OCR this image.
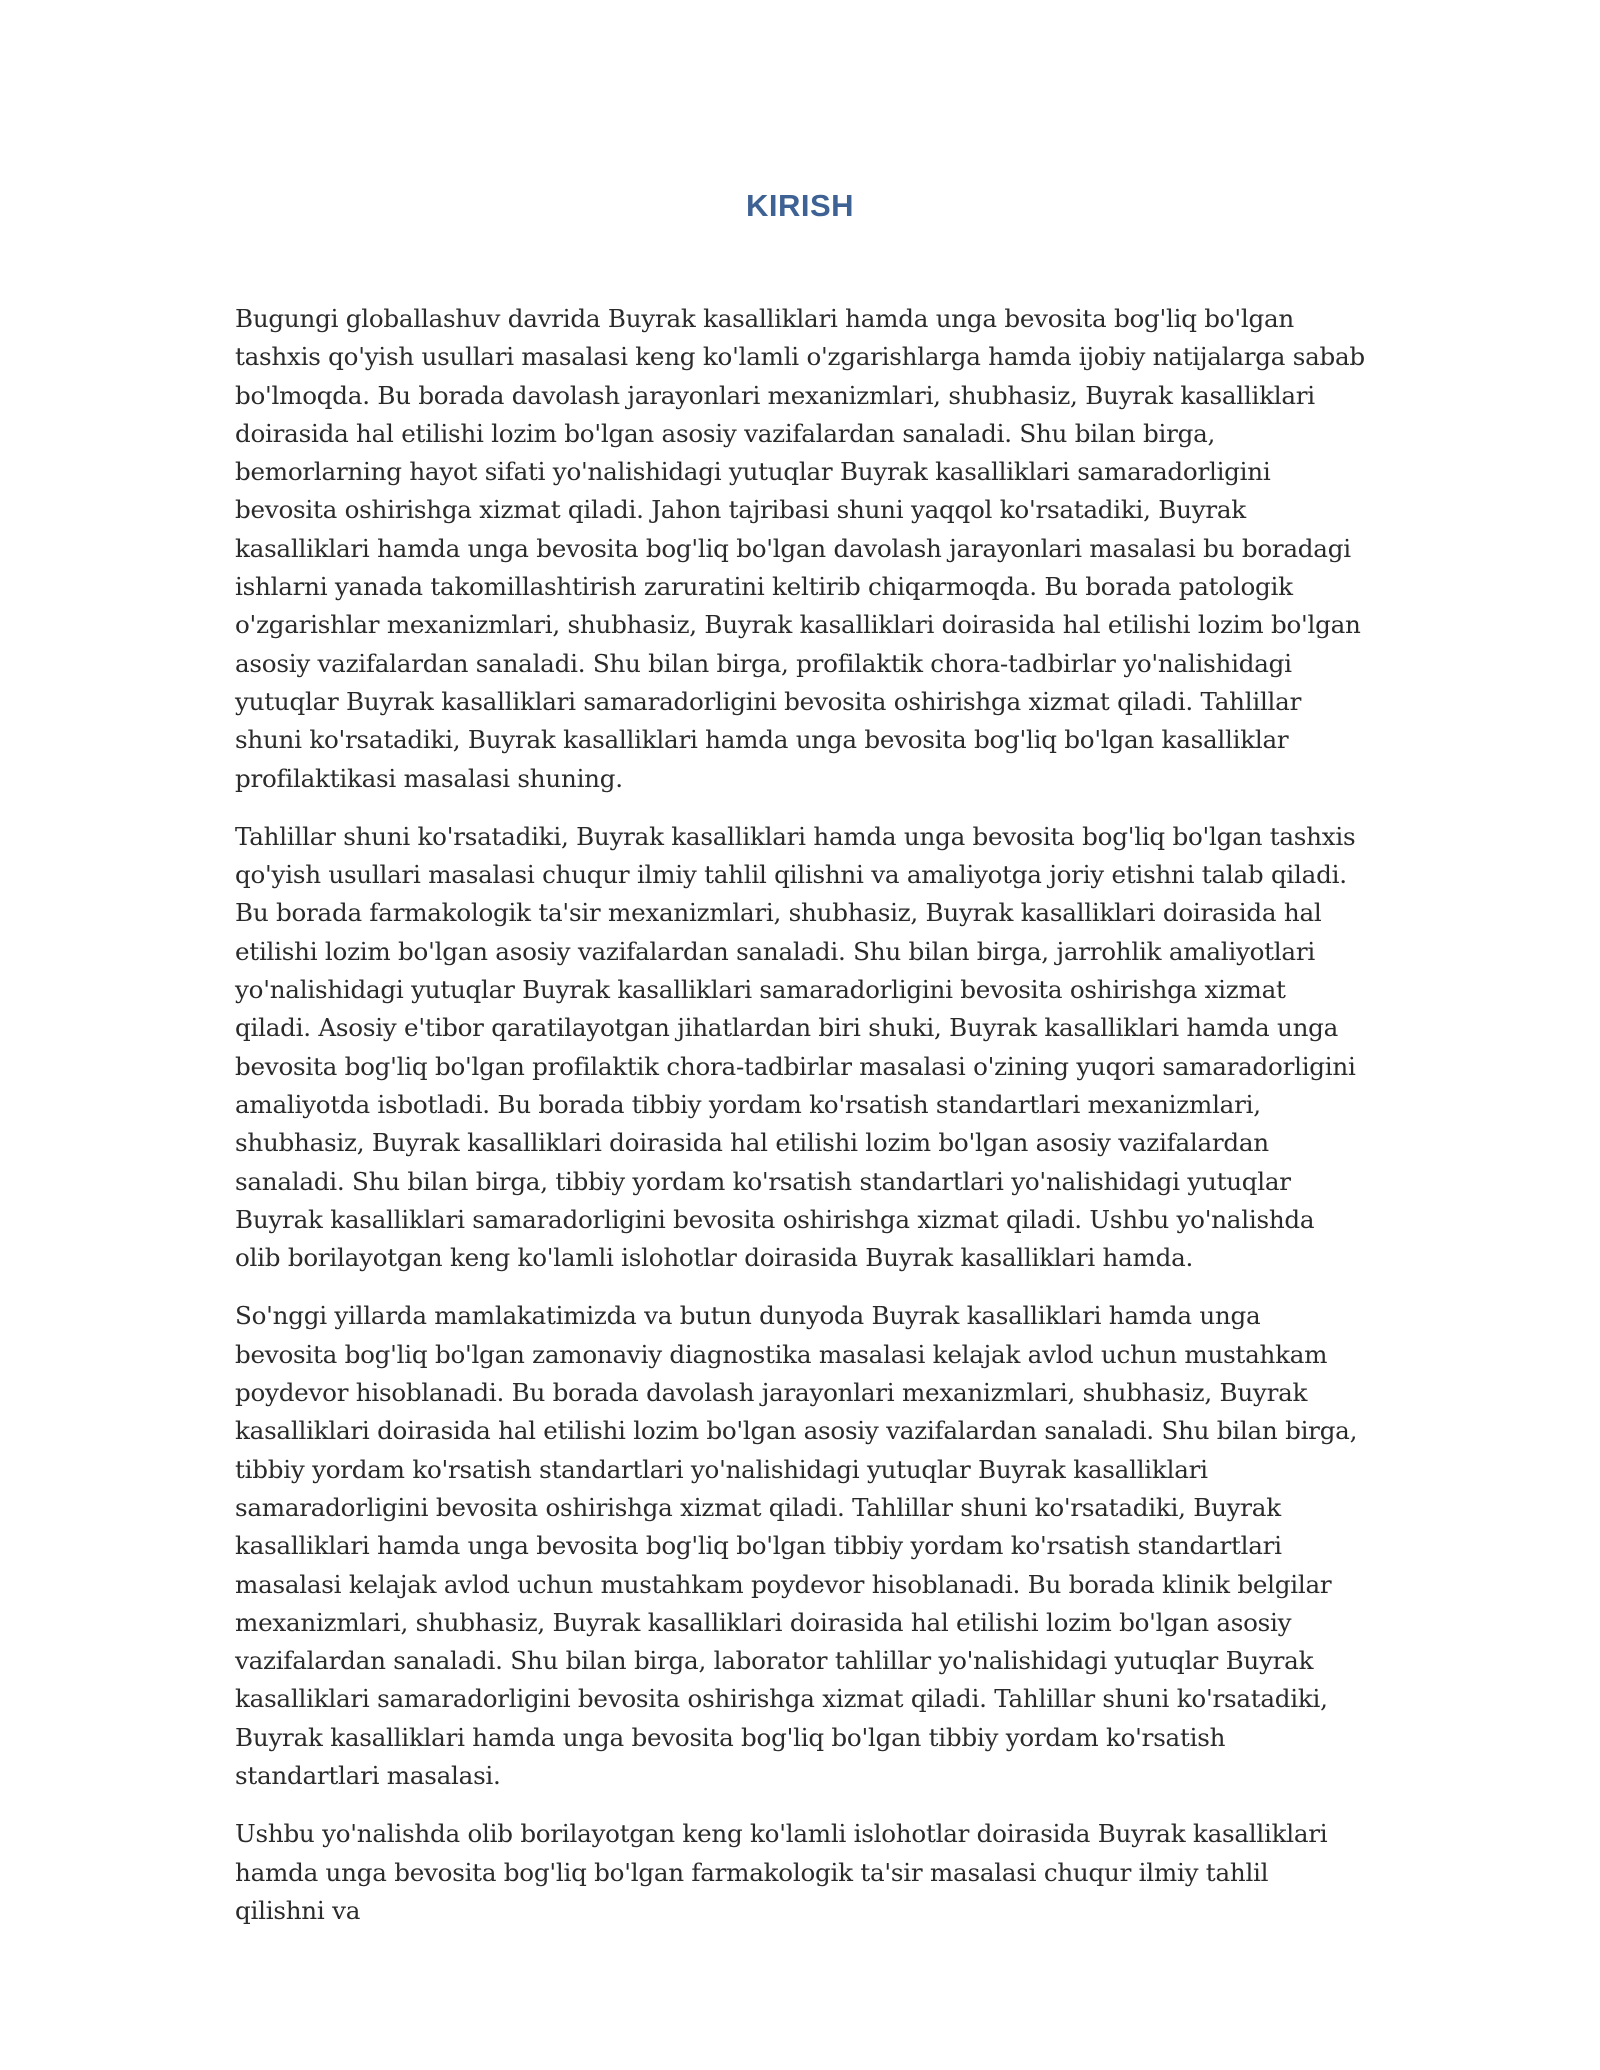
KIRISH

Bugungi globallashuv davrida Buyrak kasalliklari hamda unga bevosita bog'liq bo'lgan tashxis qo'yish usullari masalasi keng ko'lamli o'zgarishlarga hamda ijobiy natijalarga sabab bo'lmoqda. Bu borada davolash jarayonlari mexanizmlari, shubhasiz, Buyrak kasalliklari doirasida hal etilishi lozim bo'lgan asosiy vazifalardan sanaladi. Shu bilan birga, bemorlarning hayot sifati yo'nalishidagi yutuqlar Buyrak kasalliklari samaradorligini bevosita oshirishga xizmat qiladi. Jahon tajribasi shuni yaqqol ko'rsatadiki, Buyrak kasalliklari hamda unga bevosita bog'liq bo'lgan davolash jarayonlari masalasi bu boradagi ishlarni yanada takomillashtirish zaruratini keltirib chiqarmoqda. Bu borada patologik o'zgarishlar mexanizmlari, shubhasiz, Buyrak kasalliklari doirasida hal etilishi lozim bo'lgan asosiy vazifalardan sanaladi. Shu bilan birga, profilaktik chora-tadbirlar yo'nalishidagi yutuqlar Buyrak kasalliklari samaradorligini bevosita oshirishga xizmat qiladi. Tahlillar shuni ko'rsatadiki, Buyrak kasalliklari hamda unga bevosita bog'liq bo'lgan kasalliklar profilaktikasi masalasi shuning.

Tahlillar shuni ko'rsatadiki, Buyrak kasalliklari hamda unga bevosita bog'liq bo'lgan tashxis qo'yish usullari masalasi chuqur ilmiy tahlil qilishni va amaliyotga joriy etishni talab qiladi. Bu borada farmakologik ta'sir mexanizmlari, shubhasiz, Buyrak kasalliklari doirasida hal etilishi lozim bo'lgan asosiy vazifalardan sanaladi. Shu bilan birga, jarrohlik amaliyotlari yo'nalishidagi yutuqlar Buyrak kasalliklari samaradorligini bevosita oshirishga xizmat qiladi. Asosiy e'tibor qaratilayotgan jihatlardan biri shuki, Buyrak kasalliklari hamda unga bevosita bog'liq bo'lgan profilaktik chora-tadbirlar masalasi o'zining yuqori samaradorligini amaliyotda isbotladi. Bu borada tibbiy yordam ko'rsatish standartlari mexanizmlari, shubhasiz, Buyrak kasalliklari doirasida hal etilishi lozim bo'lgan asosiy vazifalardan sanaladi. Shu bilan birga, tibbiy yordam ko'rsatish standartlari yo'nalishidagi yutuqlar Buyrak kasalliklari samaradorligini bevosita oshirishga xizmat qiladi. Ushbu yo'nalishda olib borilayotgan keng ko'lamli islohotlar doirasida Buyrak kasalliklari hamda.

So'nggi yillarda mamlakatimizda va butun dunyoda Buyrak kasalliklari hamda unga bevosita bog'liq bo'lgan zamonaviy diagnostika masalasi kelajak avlod uchun mustahkam poydevor hisoblanadi. Bu borada davolash jarayonlari mexanizmlari, shubhasiz, Buyrak kasalliklari doirasida hal etilishi lozim bo'lgan asosiy vazifalardan sanaladi. Shu bilan birga, tibbiy yordam ko'rsatish standartlari yo'nalishidagi yutuqlar Buyrak kasalliklari samaradorligini bevosita oshirishga xizmat qiladi. Tahlillar shuni ko'rsatadiki, Buyrak kasalliklari hamda unga bevosita bog'liq bo'lgan tibbiy yordam ko'rsatish standartlari masalasi kelajak avlod uchun mustahkam poydevor hisoblanadi. Bu borada klinik belgilar mexanizmlari, shubhasiz, Buyrak kasalliklari doirasida hal etilishi lozim bo'lgan asosiy vazifalardan sanaladi. Shu bilan birga, laborator tahlillar yo'nalishidagi yutuqlar Buyrak kasalliklari samaradorligini bevosita oshirishga xizmat qiladi. Tahlillar shuni ko'rsatadiki, Buyrak kasalliklari hamda unga bevosita bog'liq bo'lgan tibbiy yordam ko'rsatish standartlari masalasi.

Ushbu yo'nalishda olib borilayotgan keng ko'lamli islohotlar doirasida Buyrak kasalliklari hamda unga bevosita bog'liq bo'lgan farmakologik ta'sir masalasi chuqur ilmiy tahlil qilishni va
